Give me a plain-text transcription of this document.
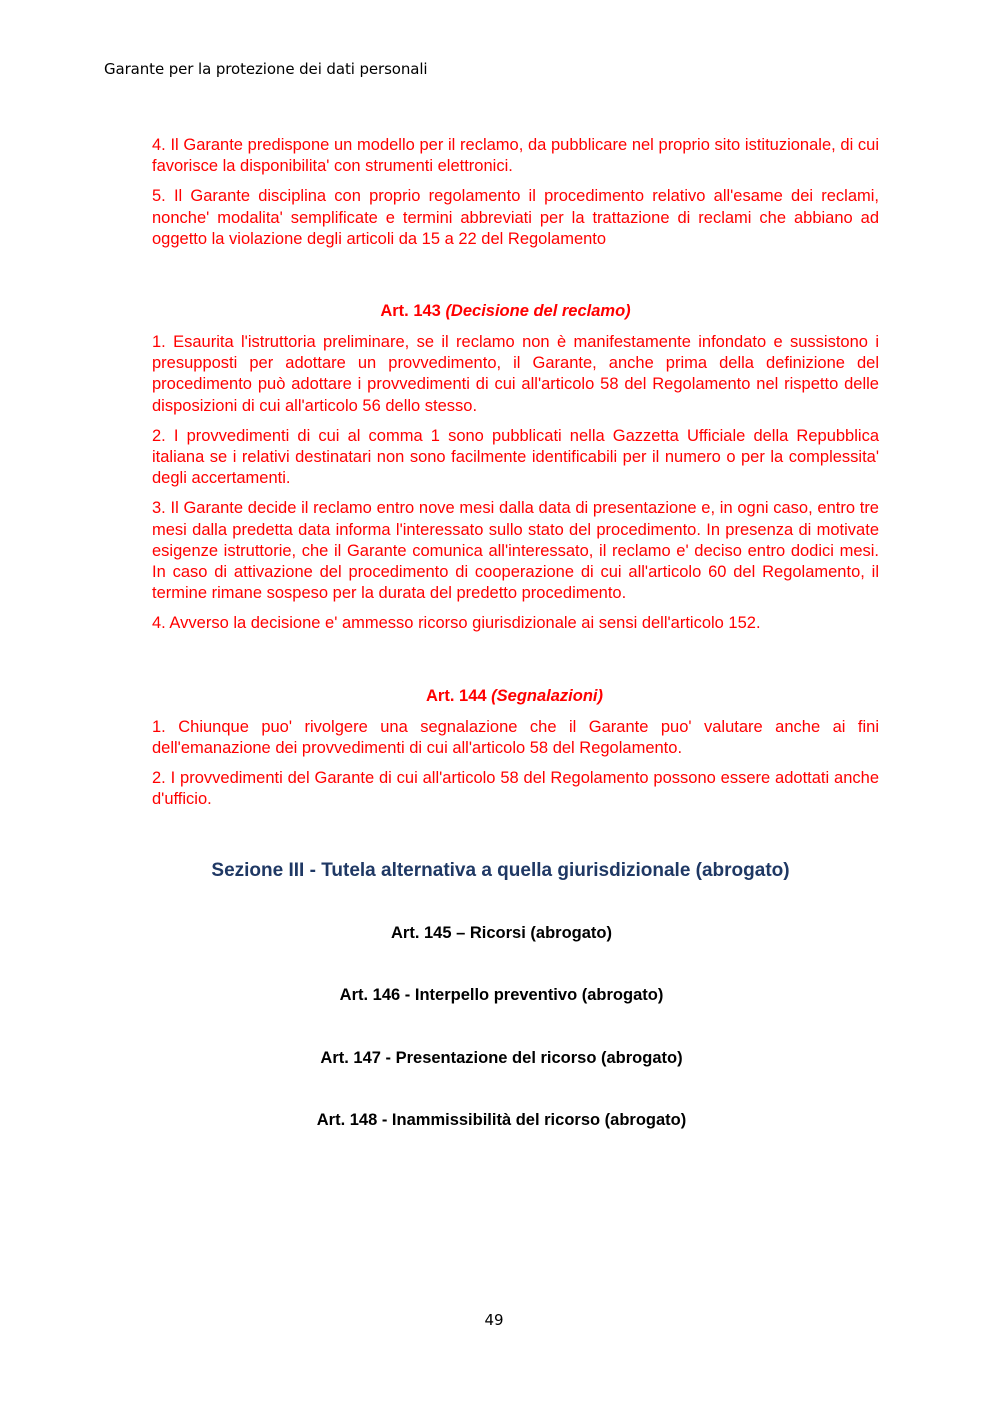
Garante per la protezione dei dati personali

4. Il Garante predispone un modello per il reclamo, da pubblicare nel proprio sito istituzionale, di cui favorisce la disponibilita' con strumenti elettronici.

5. Il Garante disciplina con proprio regolamento il procedimento relativo all'esame dei reclami, nonche' modalita' semplificate e termini abbreviati per la trattazione di reclami che abbiano ad oggetto la violazione degli articoli da 15 a 22 del Regolamento

Art. 143 (Decisione del reclamo)

1. Esaurita l'istruttoria preliminare, se il reclamo non è manifestamente infondato e sussistono i presupposti per adottare un provvedimento, il Garante, anche prima della definizione del procedimento può adottare i provvedimenti di cui all'articolo 58 del Regolamento nel rispetto delle disposizioni di cui all'articolo 56 dello stesso.

2. I provvedimenti di cui al comma 1 sono pubblicati nella Gazzetta Ufficiale della Repubblica italiana se i relativi destinatari non sono facilmente identificabili per il numero o per la complessita' degli accertamenti.

3. Il Garante decide il reclamo entro nove mesi dalla data di presentazione e, in ogni caso, entro tre mesi dalla predetta data informa l'interessato sullo stato del procedimento. In presenza di motivate esigenze istruttorie, che il Garante comunica all'interessato, il reclamo e' deciso entro dodici mesi. In caso di attivazione del procedimento di cooperazione di cui all'articolo 60 del Regolamento, il termine rimane sospeso per la durata del predetto procedimento.

4. Avverso la decisione e' ammesso ricorso giurisdizionale ai sensi dell'articolo 152.

Art. 144 (Segnalazioni)

1. Chiunque puo' rivolgere una segnalazione che il Garante puo' valutare anche ai fini dell'emanazione dei provvedimenti di cui all'articolo 58 del Regolamento.

2. I provvedimenti del Garante di cui all'articolo 58 del Regolamento possono essere adottati anche d'ufficio.

Sezione III - Tutela alternativa a quella giurisdizionale (abrogato)
Art. 145 – Ricorsi (abrogato)
Art. 146 - Interpello preventivo (abrogato)
Art. 147 - Presentazione del ricorso (abrogato)
Art. 148 - Inammissibilità del ricorso (abrogato)
49
